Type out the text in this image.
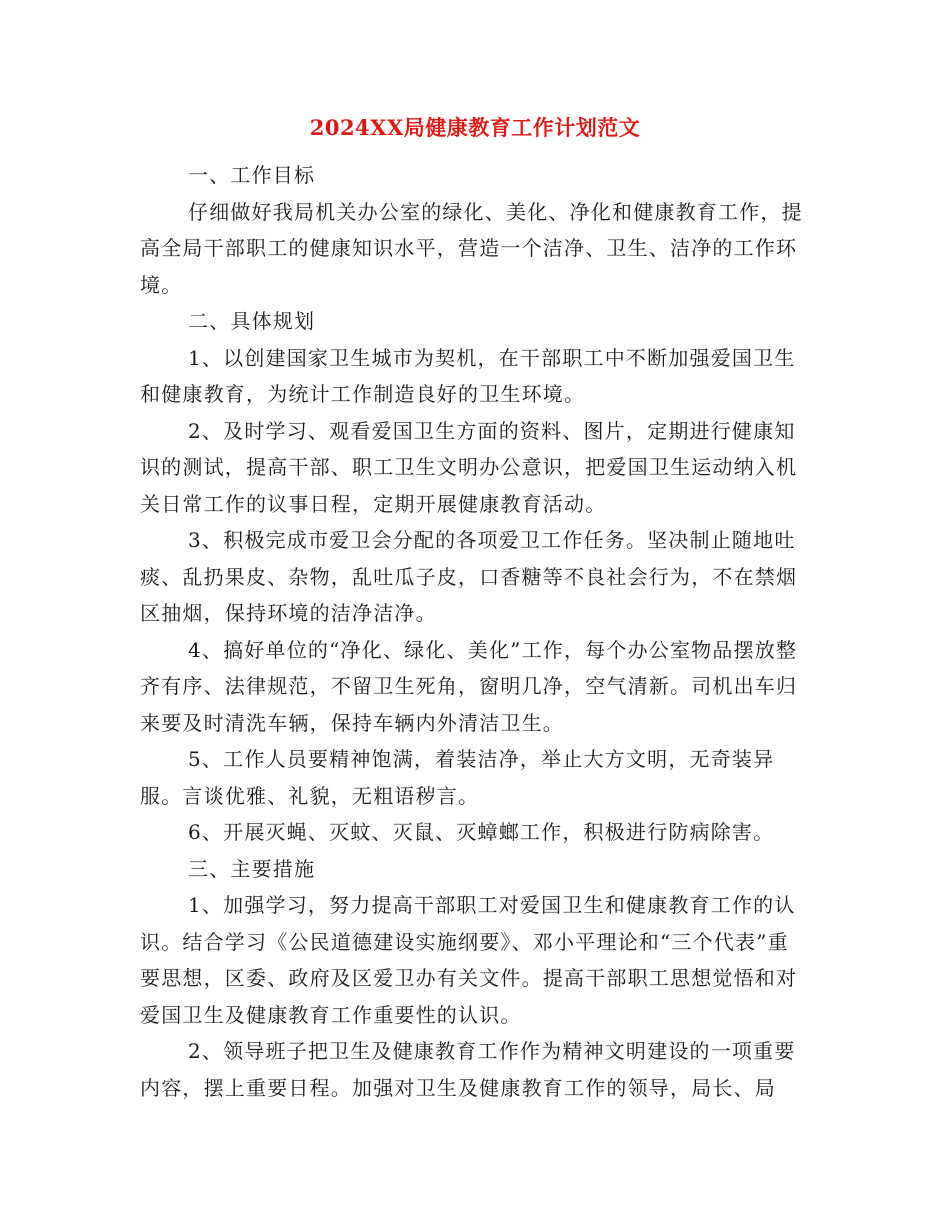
2024XX局健康教育工作计划范文

一、工作目标

仔细做好我局机关办公室的绿化、美化、净化和健康教育工作，提高全局干部职工的健康知识水平，营造一个洁净、卫生、洁净的工作环境。

二、具体规划

1、以创建国家卫生城市为契机，在干部职工中不断加强爱国卫生和健康教育，为统计工作制造良好的卫生环境。

2、及时学习、观看爱国卫生方面的资料、图片，定期进行健康知识的测试，提高干部、职工卫生文明办公意识，把爱国卫生运动纳入机关日常工作的议事日程，定期开展健康教育活动。

3、积极完成市爱卫会分配的各项爱卫工作任务。坚决制止随地吐痰、乱扔果皮、杂物，乱吐瓜子皮，口香糖等不良社会行为，不在禁烟区抽烟，保持环境的洁净洁净。

4、搞好单位的“净化、绿化、美化”工作，每个办公室物品摆放整齐有序、法律规范，不留卫生死角，窗明几净，空气清新。司机出车归来要及时清洗车辆，保持车辆内外清洁卫生。

5、工作人员要精神饱满，着装洁净，举止大方文明，无奇装异服。言谈优雅、礼貌，无粗语秽言。

6、开展灭蝇、灭蚊、灭鼠、灭蟑螂工作，积极进行防病除害。

三、主要措施

1、加强学习，努力提高干部职工对爱国卫生和健康教育工作的认识。结合学习《公民道德建设实施纲要》、邓小平理论和“三个代表”重要思想，区委、政府及区爱卫办有关文件。提高干部职工思想觉悟和对爱国卫生及健康教育工作重要性的认识。

2、领导班子把卫生及健康教育工作作为精神文明建设的一项重要内容，摆上重要日程。加强对卫生及健康教育工作的领导，局长、局
